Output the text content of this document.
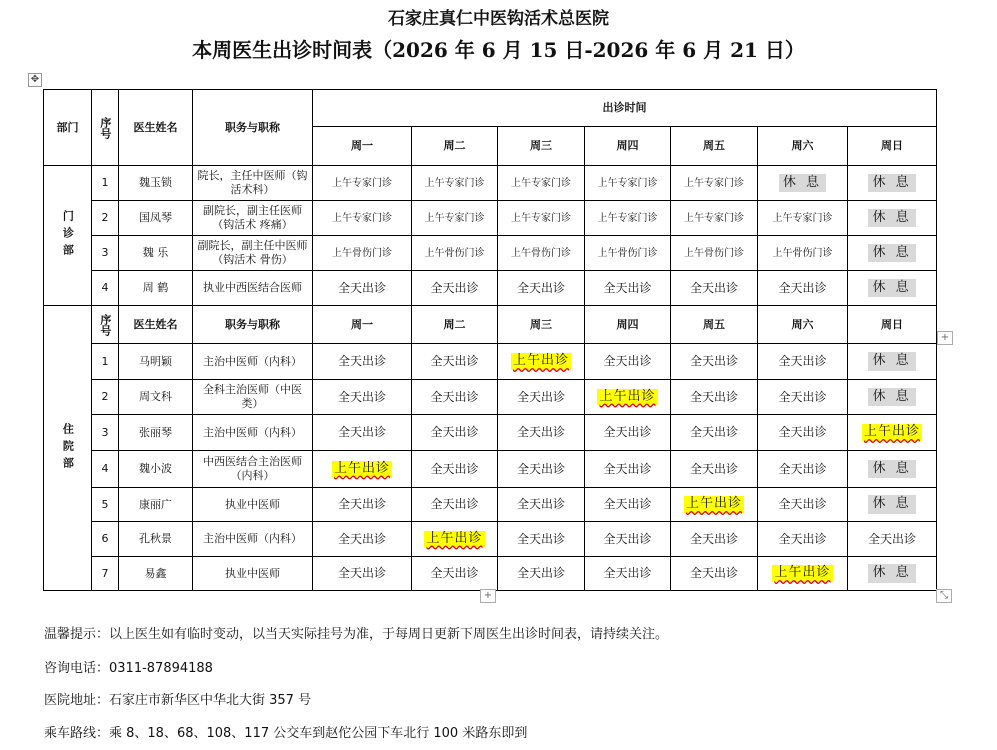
石家庄真仁中医钩活术总医院
本周医生出诊时间表（2026 年 6 月 15 日-2026 年 6 月 21 日）
✥
部门	序号	医生姓名	职务与职称	出诊时间						
				周一	周二	周三	周四	周五	周六	周日
门诊部	1	魏玉锁	院长，主任中医师（钩活术科）	上午专家门诊	上午专家门诊	上午专家门诊	上午专家门诊	上午专家门诊	休 息	休 息
	2	国凤琴	副院长，副主任医师（钩活术 疼痛）	上午专家门诊	上午专家门诊	上午专家门诊	上午专家门诊	上午专家门诊	上午专家门诊	休 息
	3	魏 乐	副院长，副主任中医师（钩活术 骨伤）	上午骨伤门诊	上午骨伤门诊	上午骨伤门诊	上午骨伤门诊	上午骨伤门诊	上午骨伤门诊	休 息
	4	周 鹤	执业中西医结合医师	全天出诊	全天出诊	全天出诊	全天出诊	全天出诊	全天出诊	休 息
住院部	序号	医生姓名	职务与职称	周一	周二	周三	周四	周五	周六	周日
	1	马明颖	主治中医师（内科）	全天出诊	全天出诊	上午出诊	全天出诊	全天出诊	全天出诊	休 息
	2	周文科	全科主治医师（中医类）	全天出诊	全天出诊	全天出诊	上午出诊	全天出诊	全天出诊	休 息
	3	张丽琴	主治中医师（内科）	全天出诊	全天出诊	全天出诊	全天出诊	全天出诊	全天出诊	上午出诊
	4	魏小波	中西医结合主治医师（内科）	上午出诊	全天出诊	全天出诊	全天出诊	全天出诊	全天出诊	休 息
	5	康丽广	执业中医师	全天出诊	全天出诊	全天出诊	全天出诊	上午出诊	全天出诊	休 息
	6	孔秋景	主治中医师（内科）	全天出诊	上午出诊	全天出诊	全天出诊	全天出诊	全天出诊	全天出诊
	7	易鑫	执业中医师	全天出诊	全天出诊	全天出诊	全天出诊	全天出诊	上午出诊	休 息
+
+	⤡
温馨提示：以上医生如有临时变动，以当天实际挂号为准，于每周日更新下周医生出诊时间表，请持续关注。
咨询电话：0311-87894188
医院地址：石家庄市新华区中华北大街 357 号
乘车路线：乘 8、18、68、108、117 公交车到赵佗公园下车北行 100 米路东即到
